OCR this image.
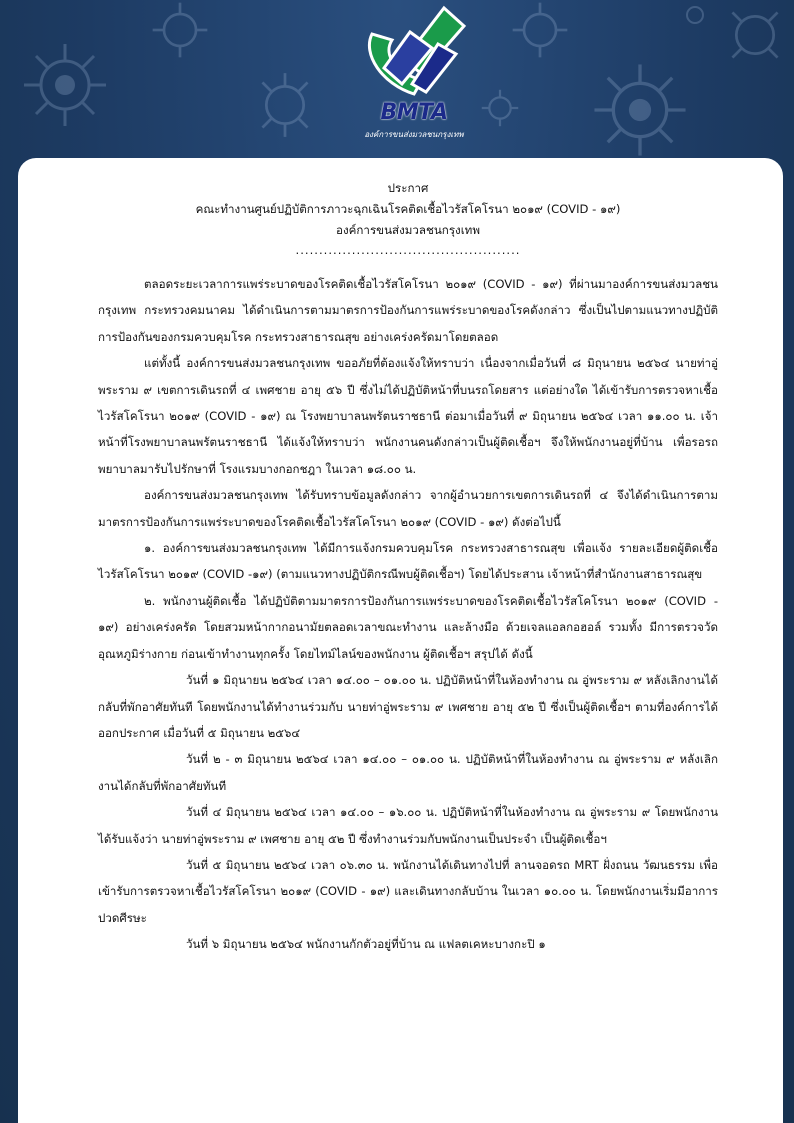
BMTA
องค์การขนส่งมวลชนกรุงเทพ
ประกาศ
คณะทำงานศูนย์ปฏิบัติการภาวะฉุกเฉินโรคติดเชื้อไวรัสโคโรนา ๒๐๑๙ (COVID - ๑๙)
องค์การขนส่งมวลชนกรุงเทพ
................................................

ตลอดระยะเวลาการแพร่ระบาดของโรคติดเชื้อไวรัสโคโรนา ๒๐๑๙ (COVID - ๑๙) ที่ผ่านมาองค์การขนส่งมวลชนกรุงเทพ กระทรวงคมนาคม ได้ดำเนินการตามมาตรการป้องกันการแพร่ระบาดของโรคดังกล่าว ซึ่งเป็นไปตามแนวทางปฏิบัติการป้องกันของกรมควบคุมโรค กระทรวงสาธารณสุข อย่างเคร่งครัดมาโดยตลอด

แต่ทั้งนี้ องค์การขนส่งมวลชนกรุงเทพ ขออภัยที่ต้องแจ้งให้ทราบว่า เนื่องจากเมื่อวันที่ ๘ มิถุนายน ๒๕๖๔ นายท่าอู่พระราม ๙ เขตการเดินรถที่ ๔ เพศชาย อายุ ๕๖ ปี ซึ่งไม่ได้ปฏิบัติหน้าที่บนรถโดยสาร แต่อย่างใด ได้เข้ารับการตรวจหาเชื้อไวรัสโคโรนา ๒๐๑๙ (COVID - ๑๙) ณ โรงพยาบาลนพรัตนราชธานี ต่อมาเมื่อวันที่ ๙ มิถุนายน ๒๕๖๔ เวลา ๑๑.๐๐ น. เจ้าหน้าที่โรงพยาบาลนพรัตนราชธานี ได้แจ้งให้ทราบว่า พนักงานคนดังกล่าวเป็นผู้ติดเชื้อฯ จึงให้พนักงานอยู่ที่บ้าน เพื่อรอรถพยาบาลมารับไปรักษาที่ โรงแรมบางกอกชฎา ในเวลา ๑๘.๐๐ น.

องค์การขนส่งมวลชนกรุงเทพ ได้รับทราบข้อมูลดังกล่าว จากผู้อำนวยการเขตการเดินรถที่ ๔ จึงได้ดำเนินการตามมาตรการป้องกันการแพร่ระบาดของโรคติดเชื้อไวรัสโคโรนา ๒๐๑๙ (COVID - ๑๙) ดังต่อไปนี้

๑. องค์การขนส่งมวลชนกรุงเทพ ได้มีการแจ้งกรมควบคุมโรค กระทรวงสาธารณสุข เพื่อแจ้ง รายละเอียดผู้ติดเชื้อไวรัสโคโรนา ๒๐๑๙ (COVID -๑๙) (ตามแนวทางปฏิบัติกรณีพบผู้ติดเชื้อฯ) โดยได้ประสาน เจ้าหน้าที่สำนักงานสาธารณสุข

๒. พนักงานผู้ติดเชื้อ ได้ปฏิบัติตามมาตรการป้องกันการแพร่ระบาดของโรคติดเชื้อไวรัสโคโรนา ๒๐๑๙ (COVID - ๑๙) อย่างเคร่งครัด โดยสวมหน้ากากอนามัยตลอดเวลาขณะทำงาน และล้างมือ ด้วยเจลแอลกอฮอล์ รวมทั้ง มีการตรวจวัดอุณหภูมิร่างกาย ก่อนเข้าทำงานทุกครั้ง โดยไทม์ไลน์ของพนักงาน ผู้ติดเชื้อฯ สรุปได้ ดังนี้

วันที่ ๑ มิถุนายน ๒๕๖๔ เวลา ๑๔.๐๐ – ๐๑.๐๐ น. ปฏิบัติหน้าที่ในห้องทำงาน ณ อู่พระราม ๙ หลังเลิกงานได้กลับที่พักอาศัยทันที โดยพนักงานได้ทำงานร่วมกับ นายท่าอู่พระราม ๙ เพศชาย อายุ ๕๒ ปี ซึ่งเป็นผู้ติดเชื้อฯ ตามที่องค์การได้ออกประกาศ เมื่อวันที่ ๕ มิถุนายน ๒๕๖๔

วันที่ ๒ - ๓ มิถุนายน ๒๕๖๔ เวลา ๑๔.๐๐ – ๐๑.๐๐ น. ปฏิบัติหน้าที่ในห้องทำงาน ณ อู่พระราม ๙ หลังเลิกงานได้กลับที่พักอาศัยทันที

วันที่ ๔ มิถุนายน ๒๕๖๔ เวลา ๑๔.๐๐ – ๑๖.๐๐ น. ปฏิบัติหน้าที่ในห้องทำงาน ณ อู่พระราม ๙ โดยพนักงานได้รับแจ้งว่า นายท่าอู่พระราม ๙ เพศชาย อายุ ๕๒ ปี ซึ่งทำงานร่วมกับพนักงานเป็นประจำ เป็นผู้ติดเชื้อฯ

วันที่ ๕ มิถุนายน ๒๕๖๔ เวลา ๐๖.๓๐ น. พนักงานได้เดินทางไปที่ ลานจอดรถ MRT ฝั่งถนน วัฒนธรรม เพื่อเข้ารับการตรวจหาเชื้อไวรัสโคโรนา ๒๐๑๙ (COVID - ๑๙) และเดินทางกลับบ้าน ในเวลา ๑๐.๐๐ น. โดยพนักงานเริ่มมีอาการปวดศีรษะ

วันที่ ๖ มิถุนายน ๒๕๖๔ พนักงานกักตัวอยู่ที่บ้าน ณ แฟลตเคหะบางกะปิ ๑
